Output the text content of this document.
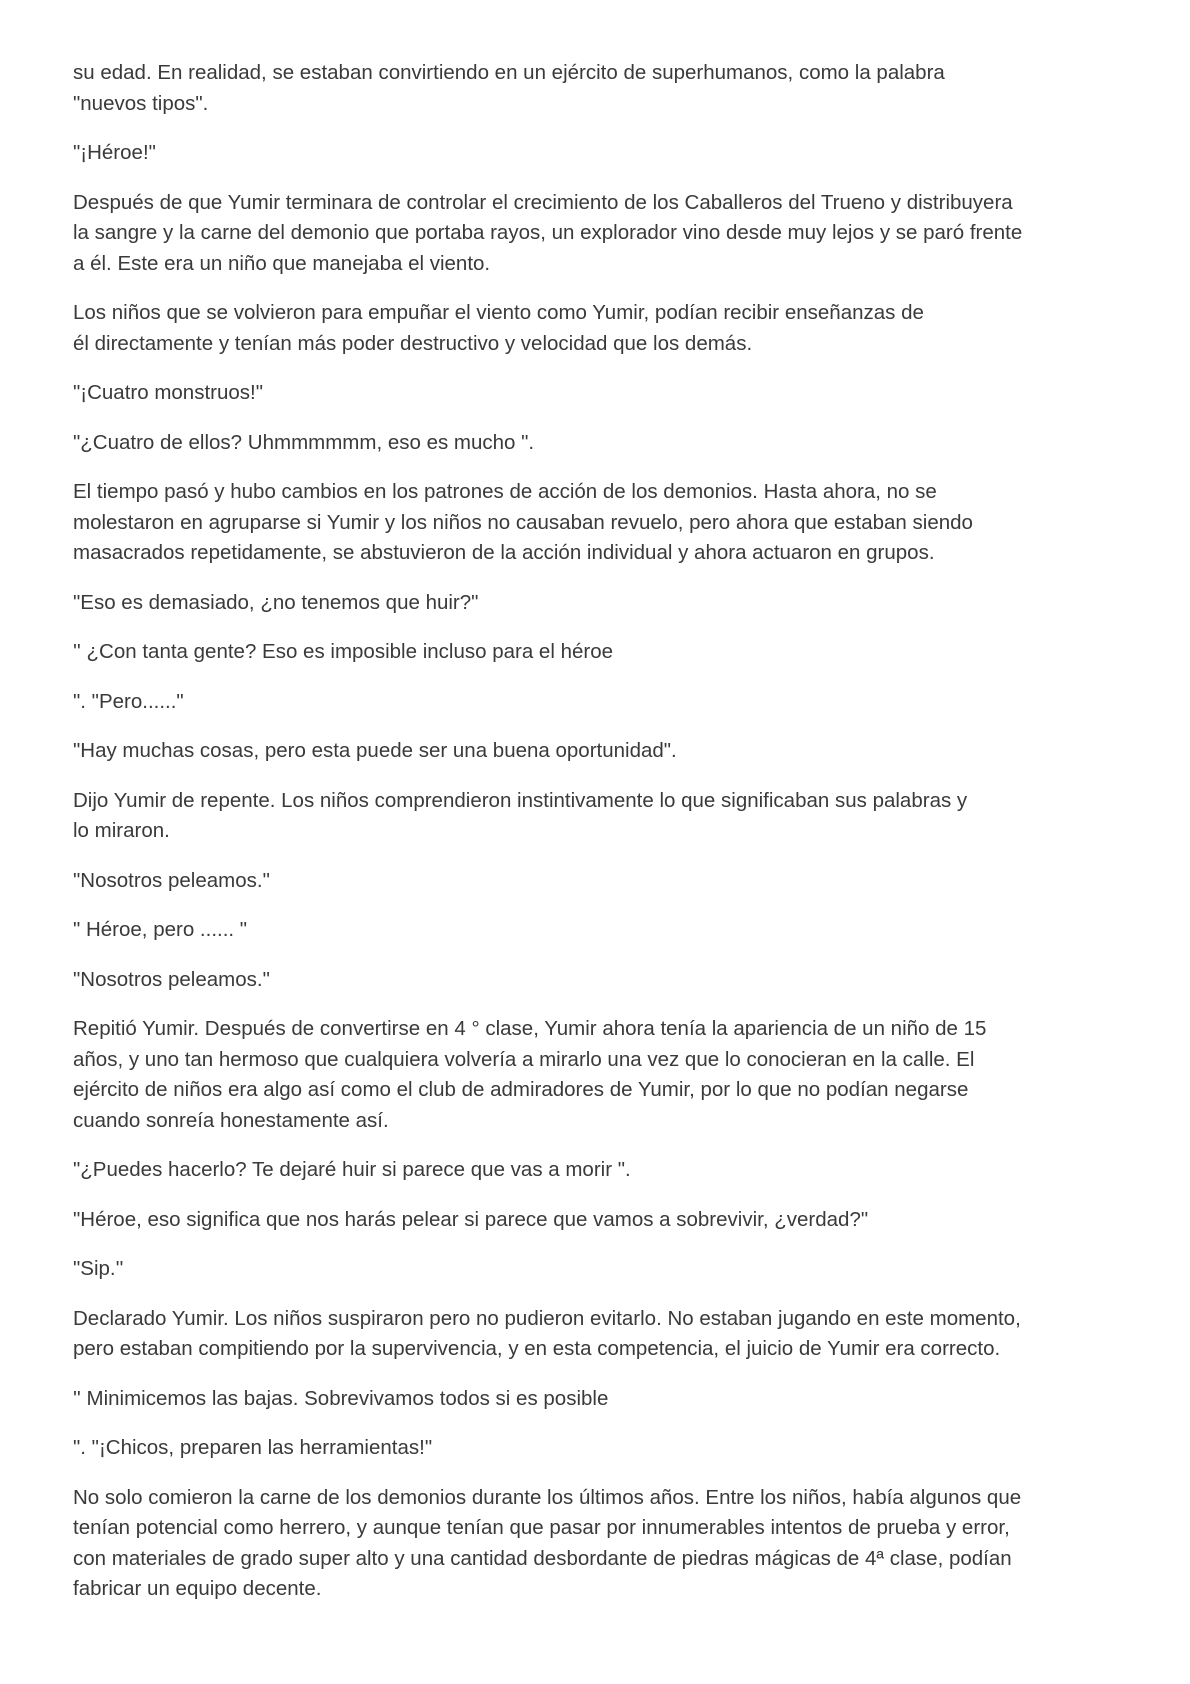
su edad. En realidad, se estaban convirtiendo en un ejército de superhumanos, como la palabra
"nuevos tipos".

"¡Héroe!"

Después de que Yumir terminara de controlar el crecimiento de los Caballeros del Trueno y distribuyera
la sangre y la carne del demonio que portaba rayos, un explorador vino desde muy lejos y se paró frente
a él. Este era un niño que manejaba el viento.

Los niños que se volvieron para empuñar el viento como Yumir, podían recibir enseñanzas de
él directamente y tenían más poder destructivo y velocidad que los demás.

"¡Cuatro monstruos!"

"¿Cuatro de ellos? Uhmmmmmm, eso es mucho ".

El tiempo pasó y hubo cambios en los patrones de acción de los demonios. Hasta ahora, no se
molestaron en agruparse si Yumir y los niños no causaban revuelo, pero ahora que estaban siendo
masacrados repetidamente, se abstuvieron de la acción individual y ahora actuaron en grupos.

"Eso es demasiado, ¿no tenemos que huir?"

'' ¿Con tanta gente? Eso es imposible incluso para el héroe

". "Pero......"

"Hay muchas cosas, pero esta puede ser una buena oportunidad".

Dijo Yumir de repente. Los niños comprendieron instintivamente lo que significaban sus palabras y
lo miraron.

"Nosotros peleamos."

" Héroe, pero ...... "

"Nosotros peleamos."

Repitió Yumir. Después de convertirse en 4 ° clase, Yumir ahora tenía la apariencia de un niño de 15
años, y uno tan hermoso que cualquiera volvería a mirarlo una vez que lo conocieran en la calle. El
ejército de niños era algo así como el club de admiradores de Yumir, por lo que no podían negarse
cuando sonreía honestamente así.

"¿Puedes hacerlo? Te dejaré huir si parece que vas a morir ".

"Héroe, eso significa que nos harás pelear si parece que vamos a sobrevivir, ¿verdad?"

"Sip.''

Declarado Yumir. Los niños suspiraron pero no pudieron evitarlo. No estaban jugando en este momento,
pero estaban compitiendo por la supervivencia, y en esta competencia, el juicio de Yumir era correcto.

'' Minimicemos las bajas. Sobrevivamos todos si es posible

". "¡Chicos, preparen las herramientas!"

No solo comieron la carne de los demonios durante los últimos años. Entre los niños, había algunos que
tenían potencial como herrero, y aunque tenían que pasar por innumerables intentos de prueba y error,
con materiales de grado super alto y una cantidad desbordante de piedras mágicas de 4ª clase, podían
fabricar un equipo decente.
